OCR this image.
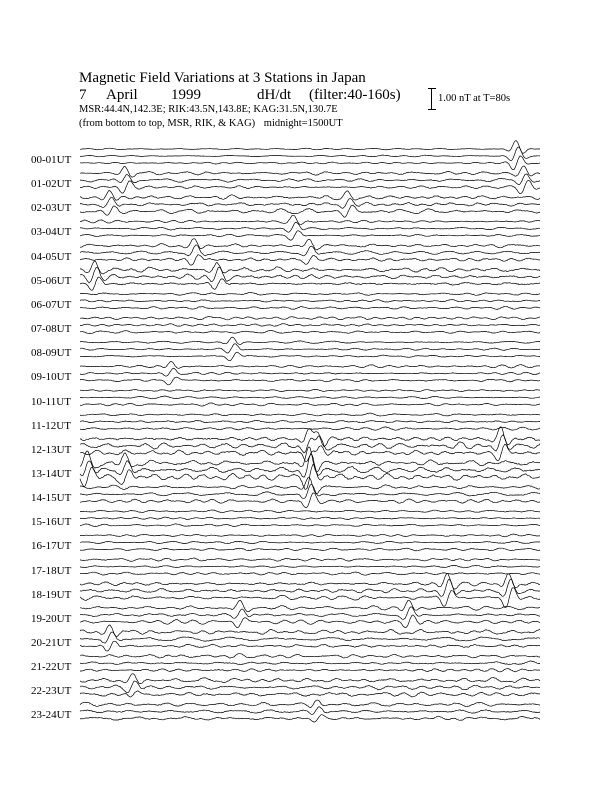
Magnetic Field Variations at 3 Stations in Japan
7 April 1999	dH/dt (filter:40-160s)
MSR:44.4N,142.3E; RIK:43.5N,143.8E; KAG:31.5N,130.7E
(from bottom to top, MSR, RIK, & KAG) midnight=1500UT
1.00 nT at T=80s
00-01UT
01-02UT
02-03UT
03-04UT
04-05UT
05-06UT
06-07UT
07-08UT
08-09UT
09-10UT
10-11UT
11-12UT
12-13UT
13-14UT
14-15UT
15-16UT
16-17UT
17-18UT
18-19UT
19-20UT
20-21UT
21-22UT
22-23UT
23-24UT
